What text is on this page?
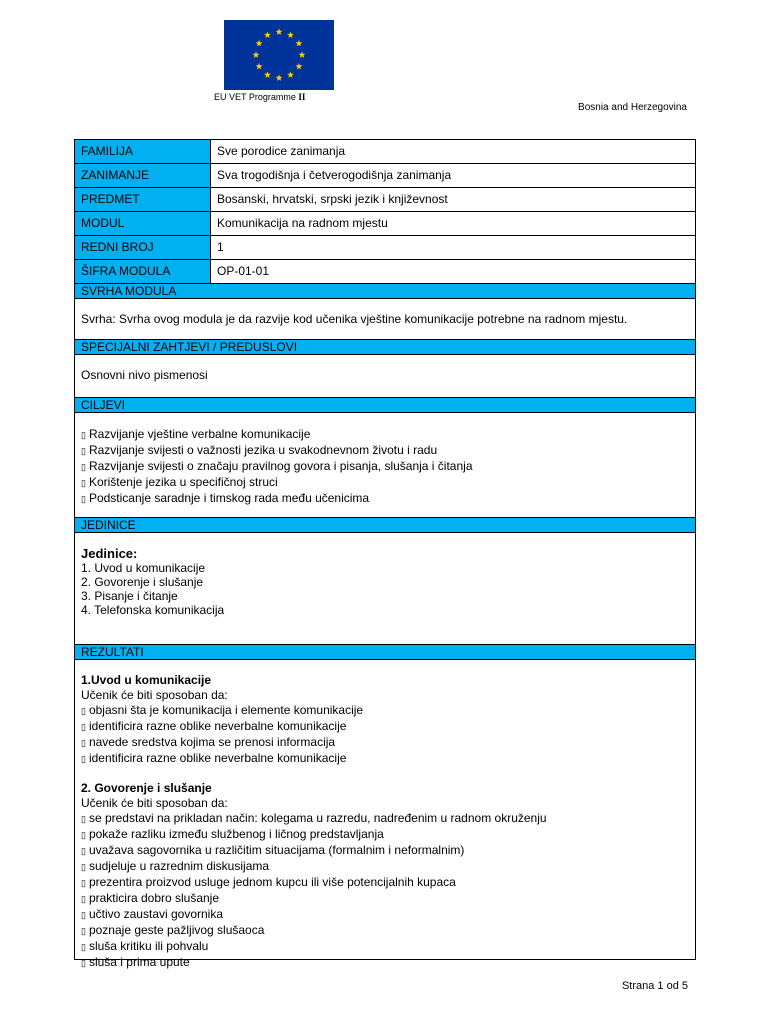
EU VET Programme II
Bosnia and Herzegovina
FAMILIJA	Sve porodice zanimanja
ZANIMANJE	Sva trogodišnja i četverogodišnja zanimanja
PREDMET	Bosanski, hrvatski, srpski jezik i književnost
MODUL	Komunikacija na radnom mjestu
REDNI BROJ	1
ŠIFRA MODULA	OP-01-01
SVRHA MODULA

Svrha: Svrha ovog modula je da razvije kod učenika vještine komunikacije potrebne na radnom mjestu.

SPECIJALNI ZAHTJEVI / PREDUSLOVI

Osnovni nivo pismenosi

CILJEVI
▯ Razvijanje vještine verbalne komunikacije
▯ Razvijanje svijesti o važnosti jezika u svakodnevnom životu i radu
▯ Razvijanje svijesti o značaju pravilnog govora i pisanja, slušanja i čitanja
▯ Korištenje jezika u specifičnoj struci
▯ Podsticanje saradnje i timskog rada među učenicima
JEDINICE

Jedinice:

1. Uvod u komunikacije

2. Govorenje i slušanje

3. Pisanje i čitanje

4. Telefonska komunikacija

REZULTATI

1.Uvod u komunikacije

Učenik će biti sposoban da:

▯ objasni šta je komunikacija i elemente komunikacije
▯ identificira razne oblike neverbalne komunikacije
▯ navede sredstva kojima se prenosi informacija
▯ identificira razne oblike neverbalne komunikacije

2. Govorenje i slušanje

Učenik će biti sposoban da:

▯ se predstavi na prikladan način: kolegama u razredu, nadređenim u radnom okruženju
▯ pokaže razliku između službenog i ličnog predstavljanja
▯ uvažava sagovornika u različitim situacijama (formalnim i neformalnim)
▯ sudjeluje u razrednim diskusijama
▯ prezentira proizvod usluge jednom kupcu ili više potencijalnih kupaca
▯ prakticira dobro slušanje
▯ učtivo zaustavi govornika
▯ poznaje geste pažljivog slušaoca
▯ sluša kritiku ili pohvalu
▯ sluša i prima upute
Strana 1 od 5
